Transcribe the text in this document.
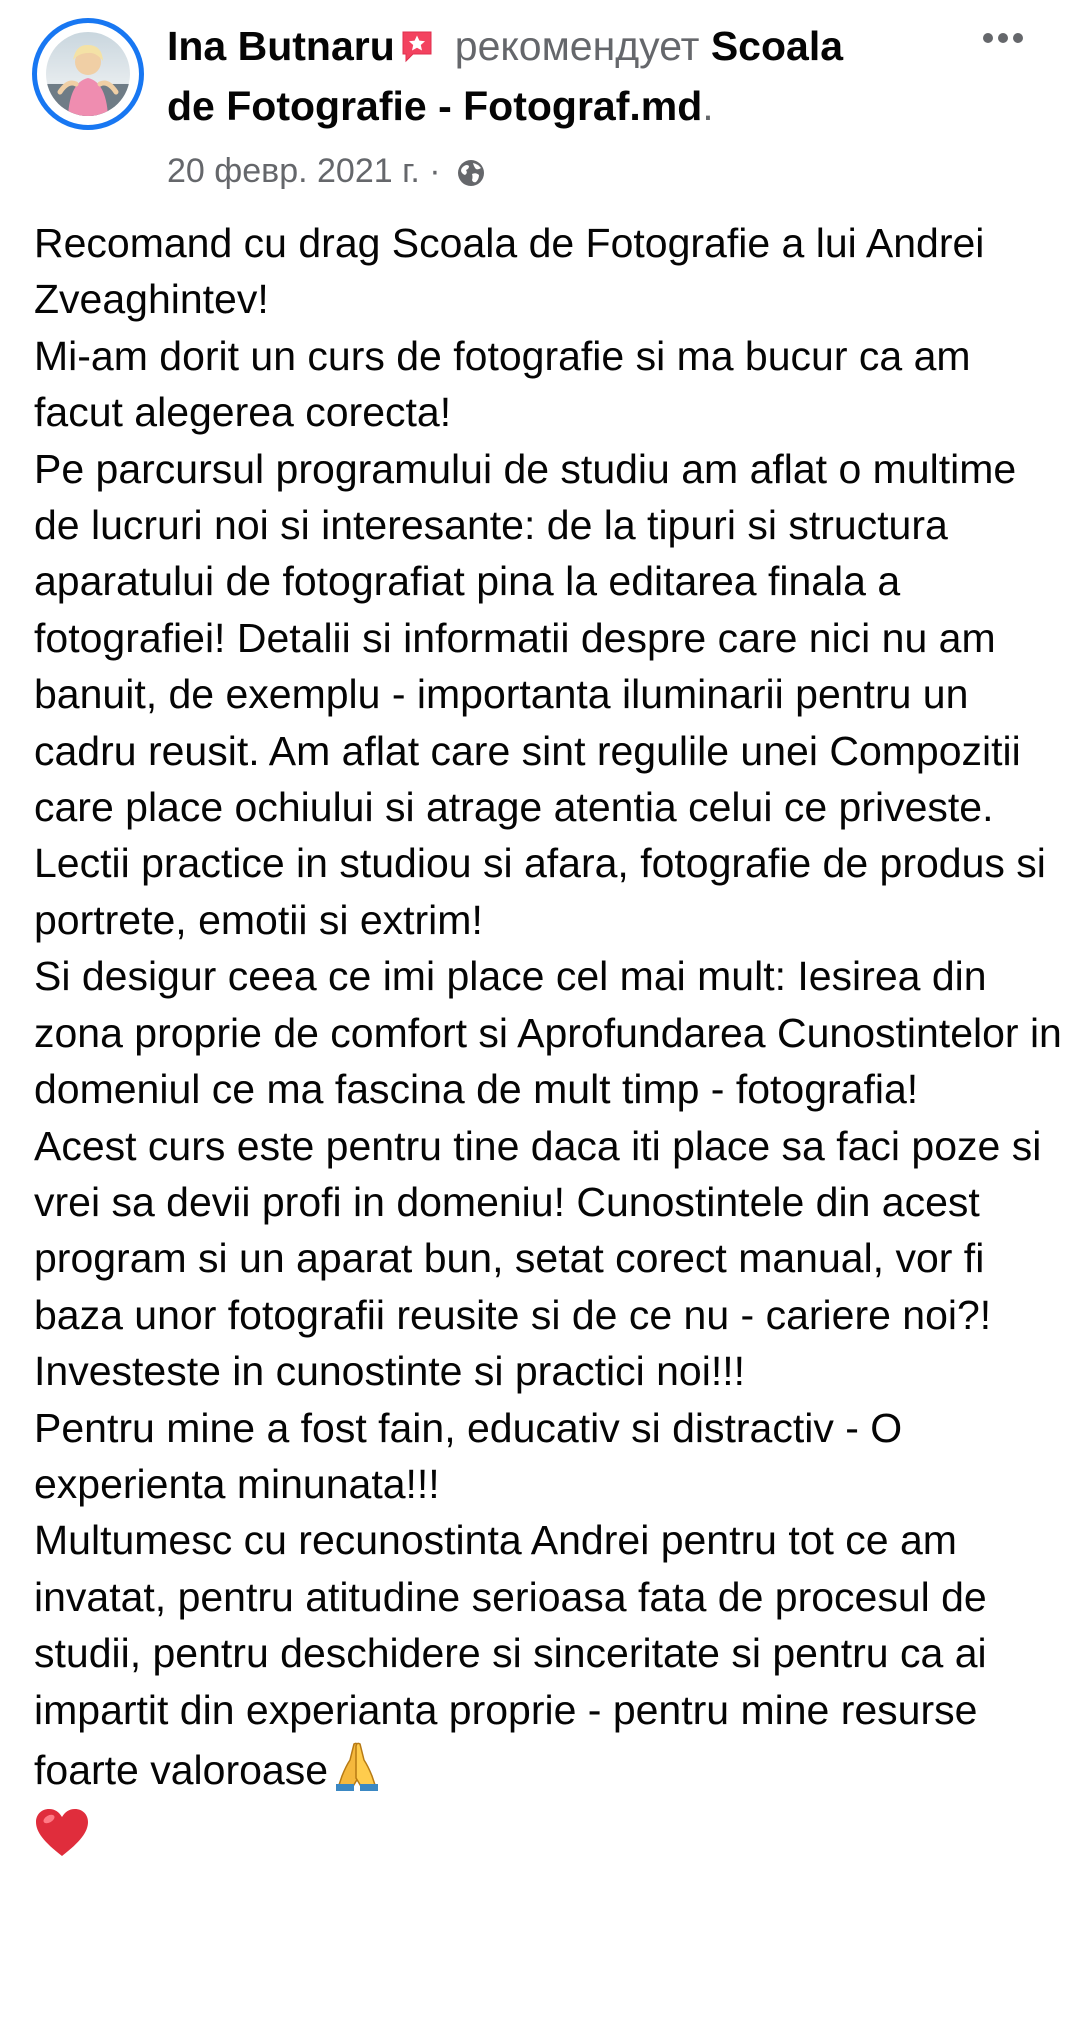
Ina Butnaru рекомендует Scoala
de Fotografie - Fotograf.md.
20 февр. 2021 г. ·

Recomand cu drag Scoala de Fotografie a lui Andrei Zveaghintev!

Mi-am dorit un curs de fotografie si ma bucur ca am facut alegerea corecta!

Pe parcursul programului de studiu am aflat o multime de lucruri noi si interesante: de la tipuri si structura aparatului de fotografiat pina la editarea finala a fotografiei! Detalii si informatii despre care nici nu am banuit, de exemplu - importanta iluminarii pentru un cadru reusit. Am aflat care sint regulile unei Compozitii care place ochiului si atrage atentia celui ce priveste. Lectii practice in studiou si afara, fotografie de produs si portrete, emotii si extrim!

Si desigur ceea ce imi place cel mai mult: Iesirea din zona proprie de comfort si Aprofundarea Cunostintelor in domeniul ce ma fascina de mult timp - fotografia!

Acest curs este pentru tine daca iti place sa faci poze si vrei sa devii profi in domeniu! Cunostintele din acest program si un aparat bun, setat corect manual, vor fi baza unor fotografii reusite si de ce nu - cariere noi?! Investeste in cunostinte si practici noi!!!

Pentru mine a fost fain, educativ si distractiv - O experienta minunata!!!

Multumesc cu recunostinta Andrei pentru tot ce am invatat, pentru atitudine serioasa fata de procesul de studii, pentru deschidere si sinceritate si pentru ca ai impartit din experianta proprie - pentru mine resurse foarte valoroase
